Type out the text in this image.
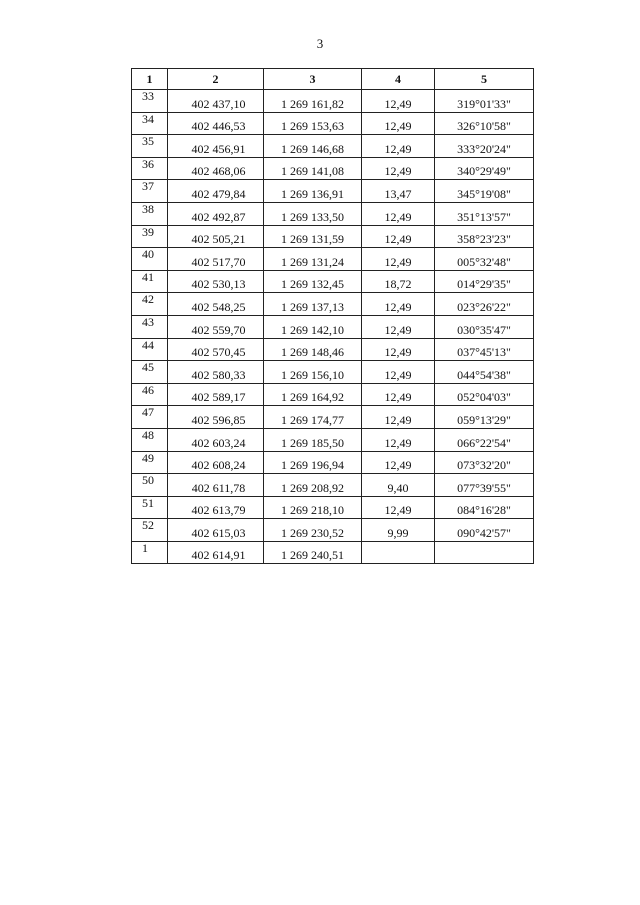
3
1	2	3	4	5
33	402 437,10	1 269 161,82	12,49	319°01'33"
34	402 446,53	1 269 153,63	12,49	326°10'58"
35	402 456,91	1 269 146,68	12,49	333°20'24"
36	402 468,06	1 269 141,08	12,49	340°29'49"
37	402 479,84	1 269 136,91	13,47	345°19'08"
38	402 492,87	1 269 133,50	12,49	351°13'57"
39	402 505,21	1 269 131,59	12,49	358°23'23"
40	402 517,70	1 269 131,24	12,49	005°32'48"
41	402 530,13	1 269 132,45	18,72	014°29'35"
42	402 548,25	1 269 137,13	12,49	023°26'22"
43	402 559,70	1 269 142,10	12,49	030°35'47"
44	402 570,45	1 269 148,46	12,49	037°45'13"
45	402 580,33	1 269 156,10	12,49	044°54'38"
46	402 589,17	1 269 164,92	12,49	052°04'03"
47	402 596,85	1 269 174,77	12,49	059°13'29"
48	402 603,24	1 269 185,50	12,49	066°22'54"
49	402 608,24	1 269 196,94	12,49	073°32'20"
50	402 611,78	1 269 208,92	9,40	077°39'55"
51	402 613,79	1 269 218,10	12,49	084°16'28"
52	402 615,03	1 269 230,52	9,99	090°42'57"
1	402 614,91	1 269 240,51		
